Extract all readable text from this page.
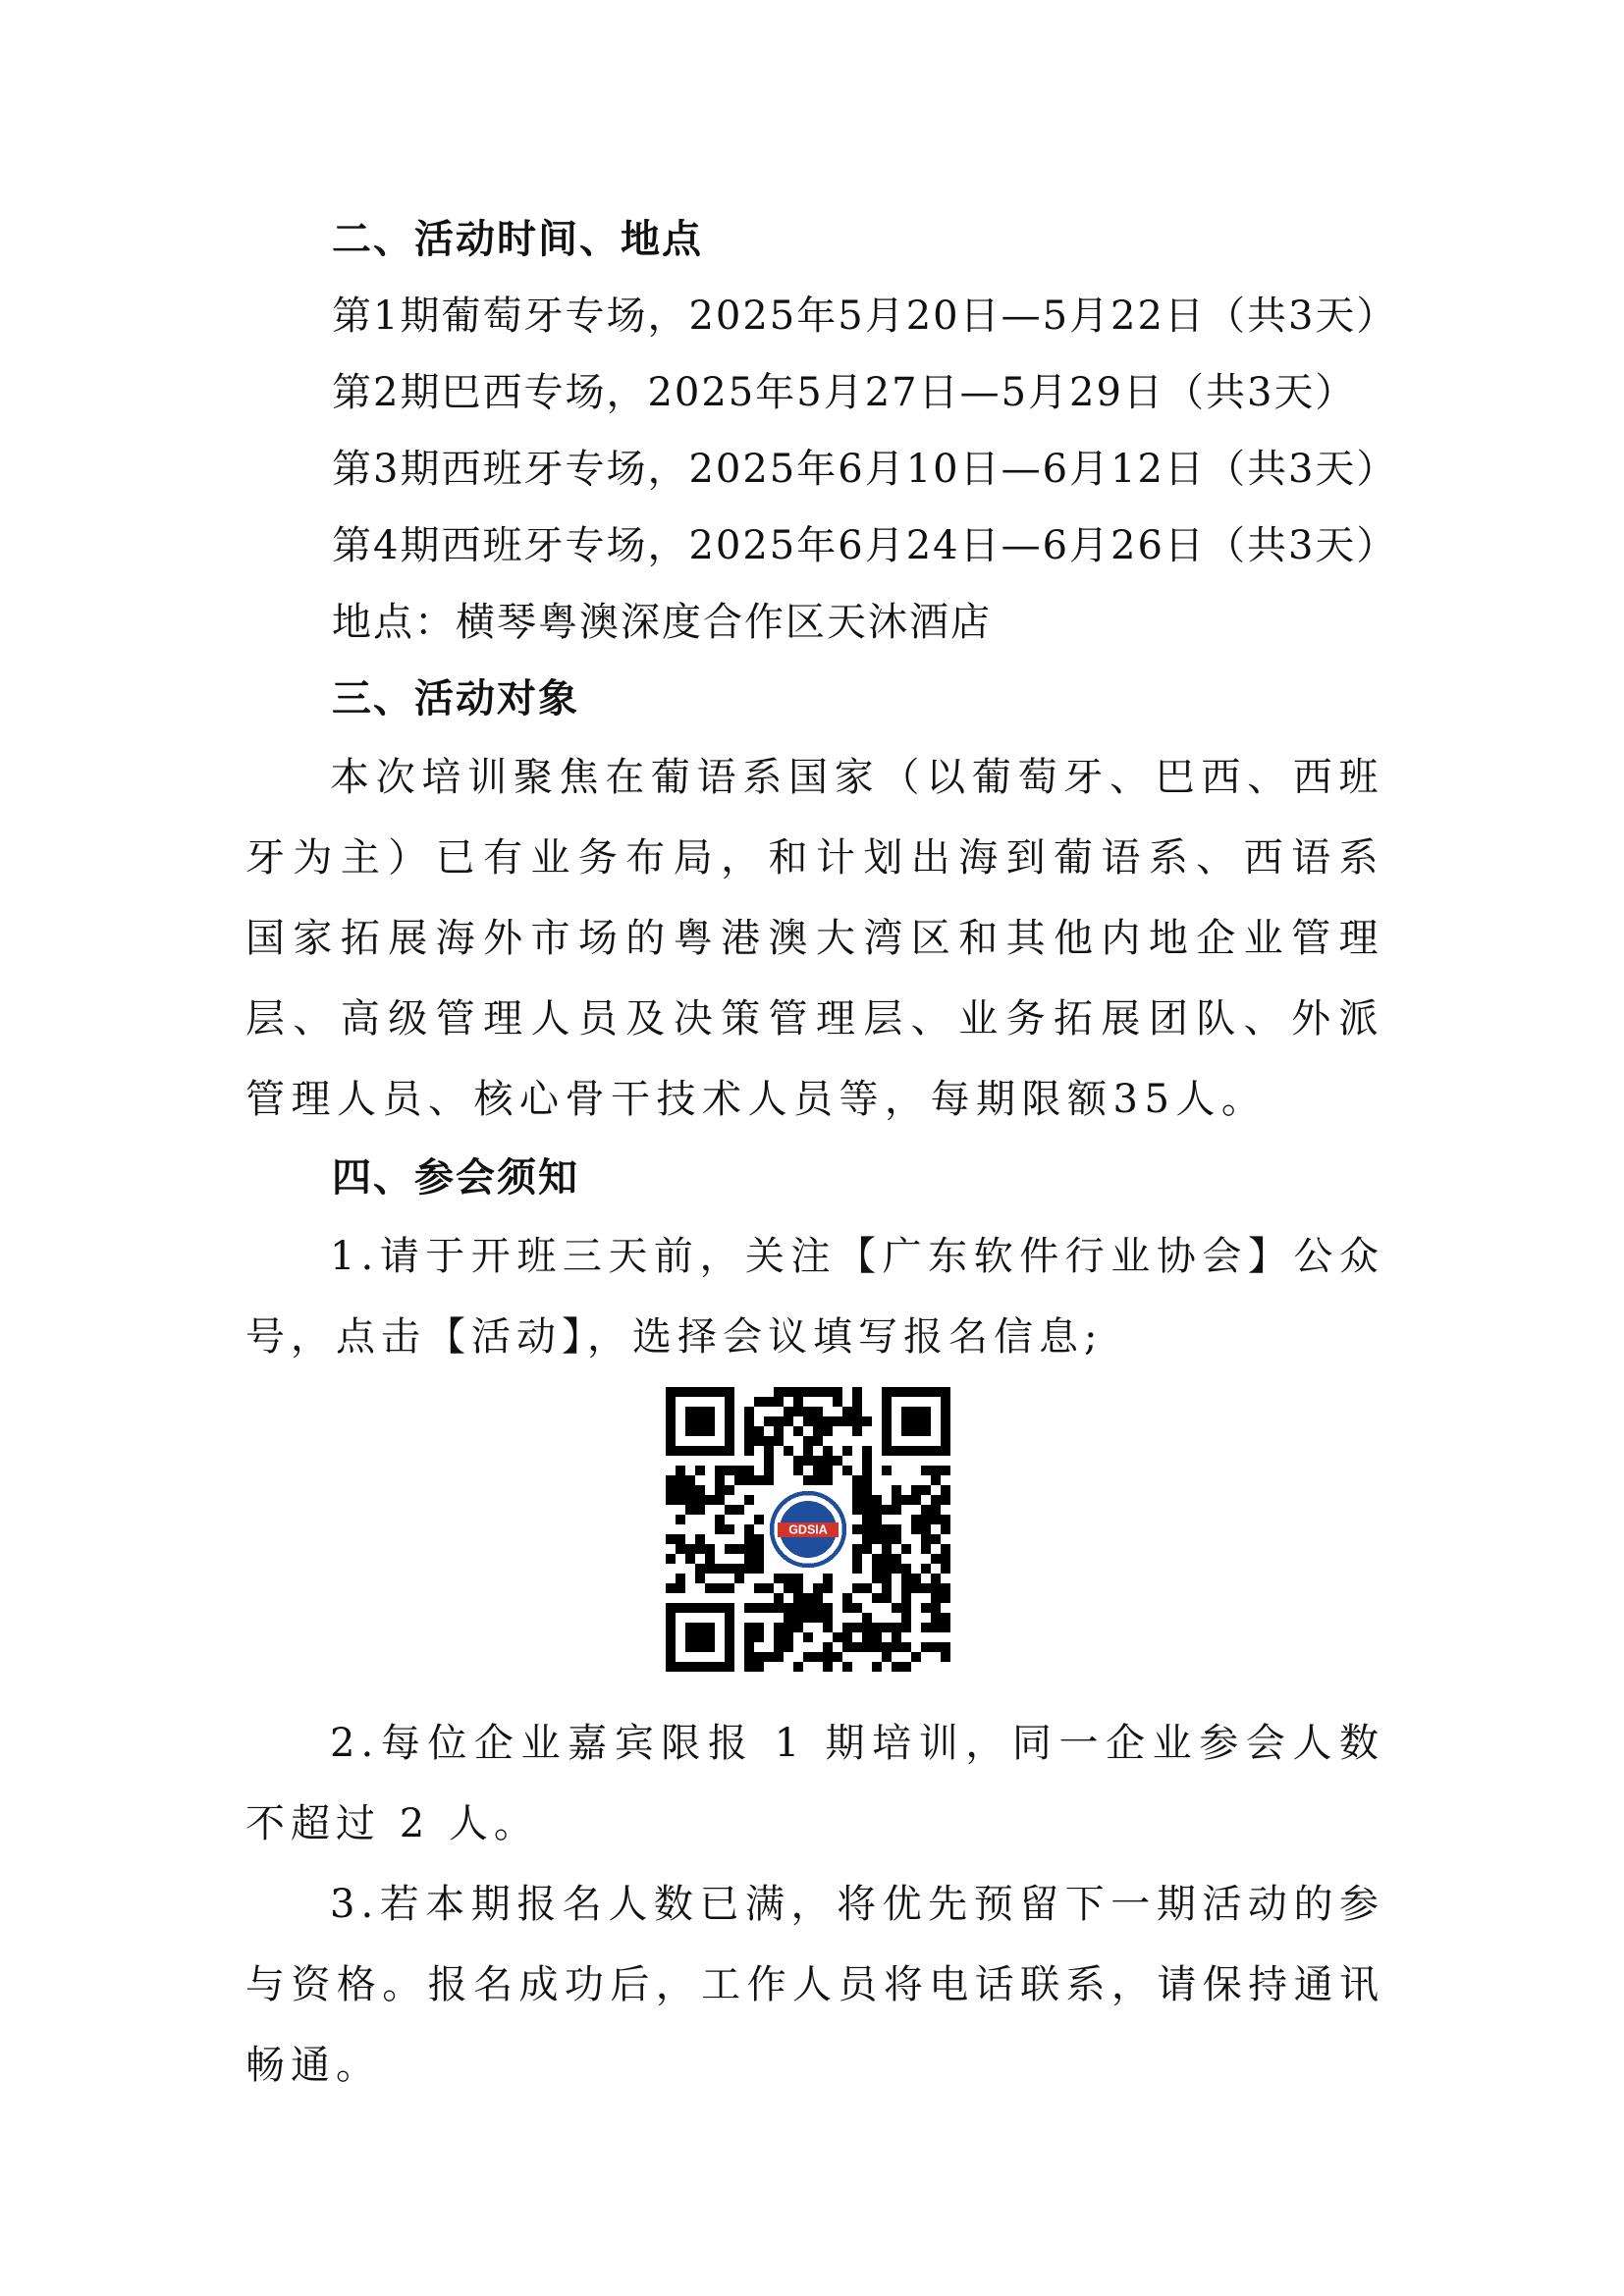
二、活动时间、地点
第1期葡萄牙专场，2025年5月20日—5月22日（共3天）
第2期巴西专场，2025年5月27日—5月29日（共3天）
第3期西班牙专场，2025年6月10日—6月12日（共3天）
第4期西班牙专场，2025年6月24日—6月26日（共3天）
地点：横琴粤澳深度合作区天沐酒店
三、活动对象

本次培训聚焦在葡语系国家（以葡萄牙、巴西、西班牙为主）已有业务布局，和计划出海到葡语系、西语系国家拓展海外市场的粤港澳大湾区和其他内地企业管理层、高级管理人员及决策管理层、业务拓展团队、外派管理人员、核心骨干技术人员等，每期限额35人。

四、参会须知

1.请于开班三天前，关注【广东软件行业协会】公众号，点击【活动】，选择会议填写报名信息;

GDSIA

2.每位企业嘉宾限报 1 期培训，同一企业参会人数不超过 2 人。

3.若本期报名人数已满，将优先预留下一期活动的参与资格。报名成功后，工作人员将电话联系，请保持通讯畅通。
